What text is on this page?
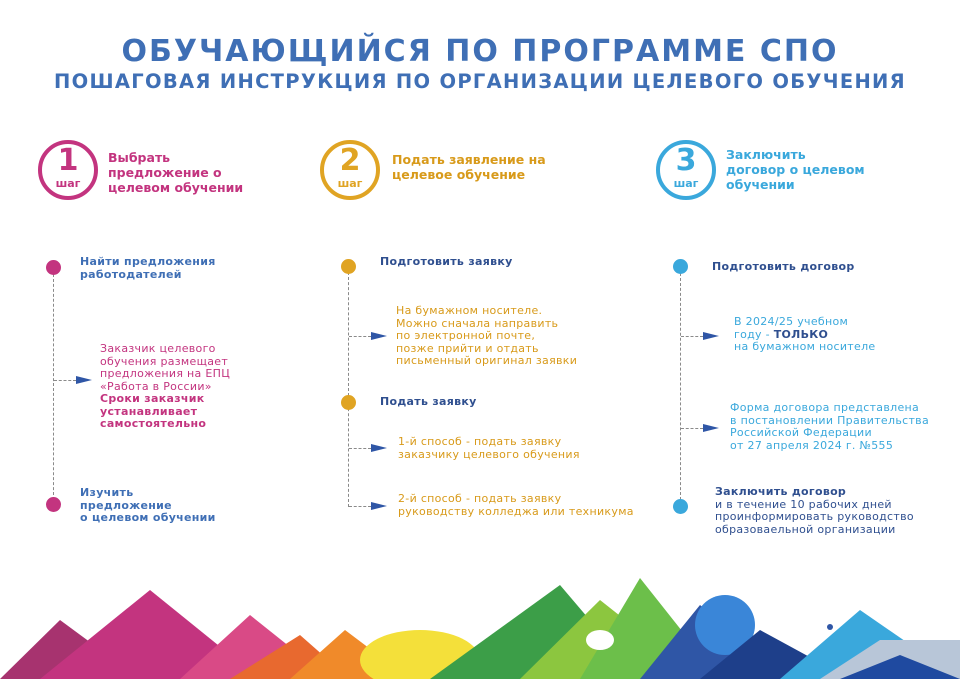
ОБУЧАЮЩИЙСЯ ПО ПРОГРАММЕ СПО
ПОШАГОВАЯ ИНСТРУКЦИЯ ПО ОРГАНИЗАЦИИ ЦЕЛЕВОГО ОБУЧЕНИЯ
1
шаг
Выбрать
предложение о
целевом обучении
2
шаг
Подать заявление на
целевое обучение	3
шаг
Заключить
договор о целевом
обучении
Найти предложения
работодателей
Заказчик целевого
обучения размещает
предложения на ЕПЦ
«Работа в России»
Сроки заказчик
устанавливает
самостоятельно
Изучить
предложение
о целевом обучении
Подготовить заявку
На бумажном носителе.
Можно сначала направить
по электронной почте,
позже прийти и отдать
письменный оригинал заявки
Подать заявку
1-й способ - подать заявку
заказчику целевого обучения
2-й способ - подать заявку
руководству колледжа или техникума
Подготовить договор
В 2024/25 учебном
году - ТОЛЬКО
на бумажном носителе
Форма договора представлена
в постановлении Правительства
Российской Федерации
от 27 апреля 2024 г. №555
Заключить договор
и в течение 10 рабочих дней
проинформировать руководство
образоваельной организации
